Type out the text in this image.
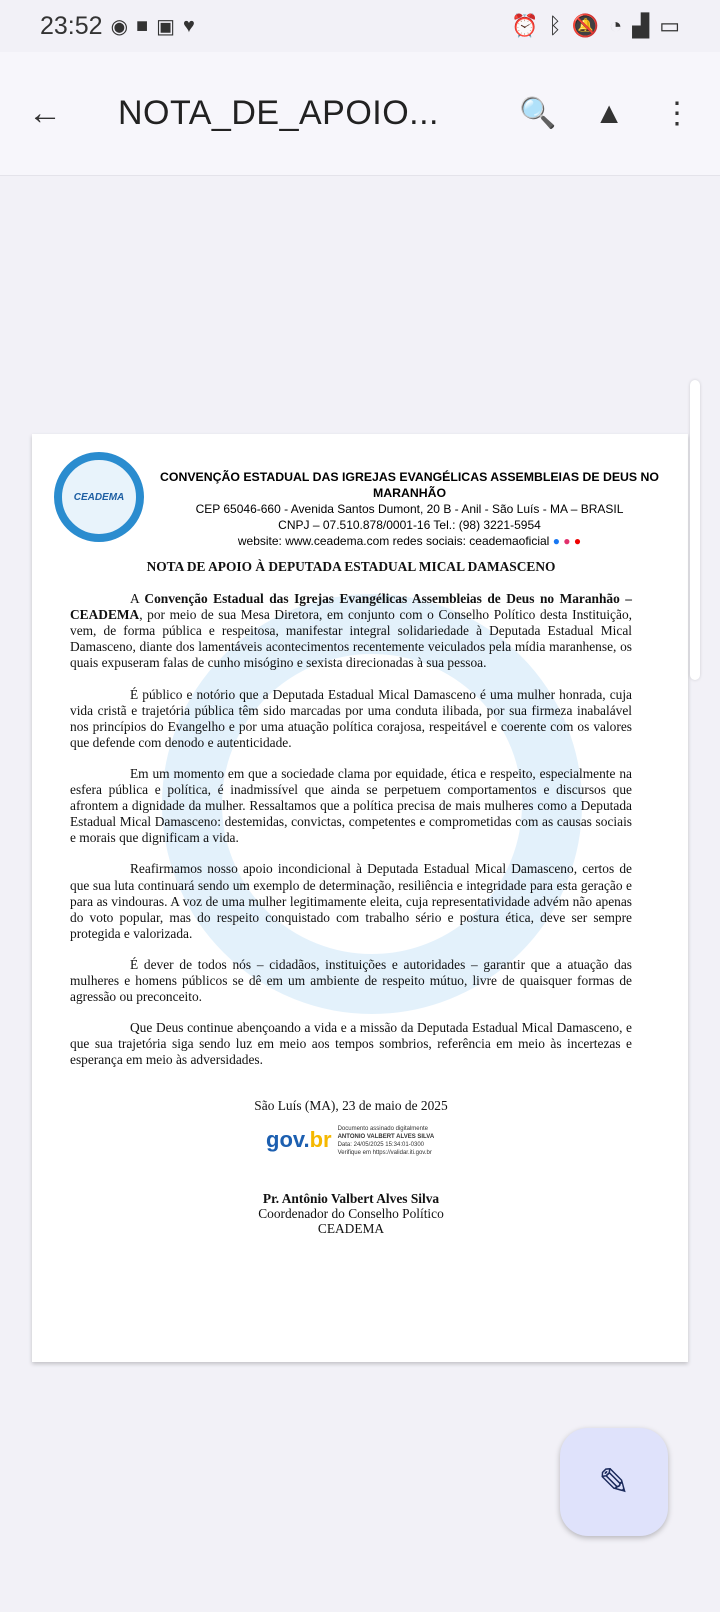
23:52 ◉ ■ ▣ ♥	⏰ ᛒ 🔕 ◔ ▟ ▭
←	NOTA_DE_APOIO...	🔍 ▲ ⋮
CEADEMA
CONVENÇÃO ESTADUAL DAS IGREJAS EVANGÉLICAS ASSEMBLEIAS DE DEUS NO MARANHÃO
CEP 65046-660 - Avenida Santos Dumont, 20 B - Anil - São Luís - MA – BRASIL
CNPJ – 07.510.878/0001-16 Tel.: (98) 3221-5954
website: www.ceadema.com redes sociais: ceademaoficial ● ● ●
NOTA DE APOIO À DEPUTADA ESTADUAL MICAL DAMASCENO

A Convenção Estadual das Igrejas Evangélicas Assembleias de Deus no Maranhão – CEADEMA, por meio de sua Mesa Diretora, em conjunto com o Conselho Político desta Instituição, vem, de forma pública e respeitosa, manifestar integral solidariedade à Deputada Estadual Mical Damasceno, diante dos lamentáveis acontecimentos recentemente veiculados pela mídia maranhense, os quais expuseram falas de cunho misógino e sexista direcionadas à sua pessoa.

É público e notório que a Deputada Estadual Mical Damasceno é uma mulher honrada, cuja vida cristã e trajetória pública têm sido marcadas por uma conduta ilibada, por sua firmeza inabalável nos princípios do Evangelho e por uma atuação política corajosa, respeitável e coerente com os valores que defende com denodo e autenticidade.

Em um momento em que a sociedade clama por equidade, ética e respeito, especialmente na esfera pública e política, é inadmissível que ainda se perpetuem comportamentos e discursos que afrontem a dignidade da mulher. Ressaltamos que a política precisa de mais mulheres como a Deputada Estadual Mical Damasceno: destemidas, convictas, competentes e comprometidas com as causas sociais e morais que dignificam a vida.

Reafirmamos nosso apoio incondicional à Deputada Estadual Mical Damasceno, certos de que sua luta continuará sendo um exemplo de determinação, resiliência e integridade para esta geração e para as vindouras. A voz de uma mulher legitimamente eleita, cuja representatividade advém não apenas do voto popular, mas do respeito conquistado com trabalho sério e postura ética, deve ser sempre protegida e valorizada.

É dever de todos nós – cidadãos, instituições e autoridades – garantir que a atuação das mulheres e homens públicos se dê em um ambiente de respeito mútuo, livre de quaisquer formas de agressão ou preconceito.

Que Deus continue abençoando a vida e a missão da Deputada Estadual Mical Damasceno, e que sua trajetória siga sendo luz em meio aos tempos sombrios, referência em meio às incertezas e esperança em meio às adversidades.

São Luís (MA), 23 de maio de 2025
gov.br Documento assinado digitalmente
ANTONIO VALBERT ALVES SILVA
Data: 24/05/2025 15:34:01-0300
Verifique em https://validar.iti.gov.br
Pr. Antônio Valbert Alves Silva
Coordenador do Conselho Político
CEADEMA
✎
